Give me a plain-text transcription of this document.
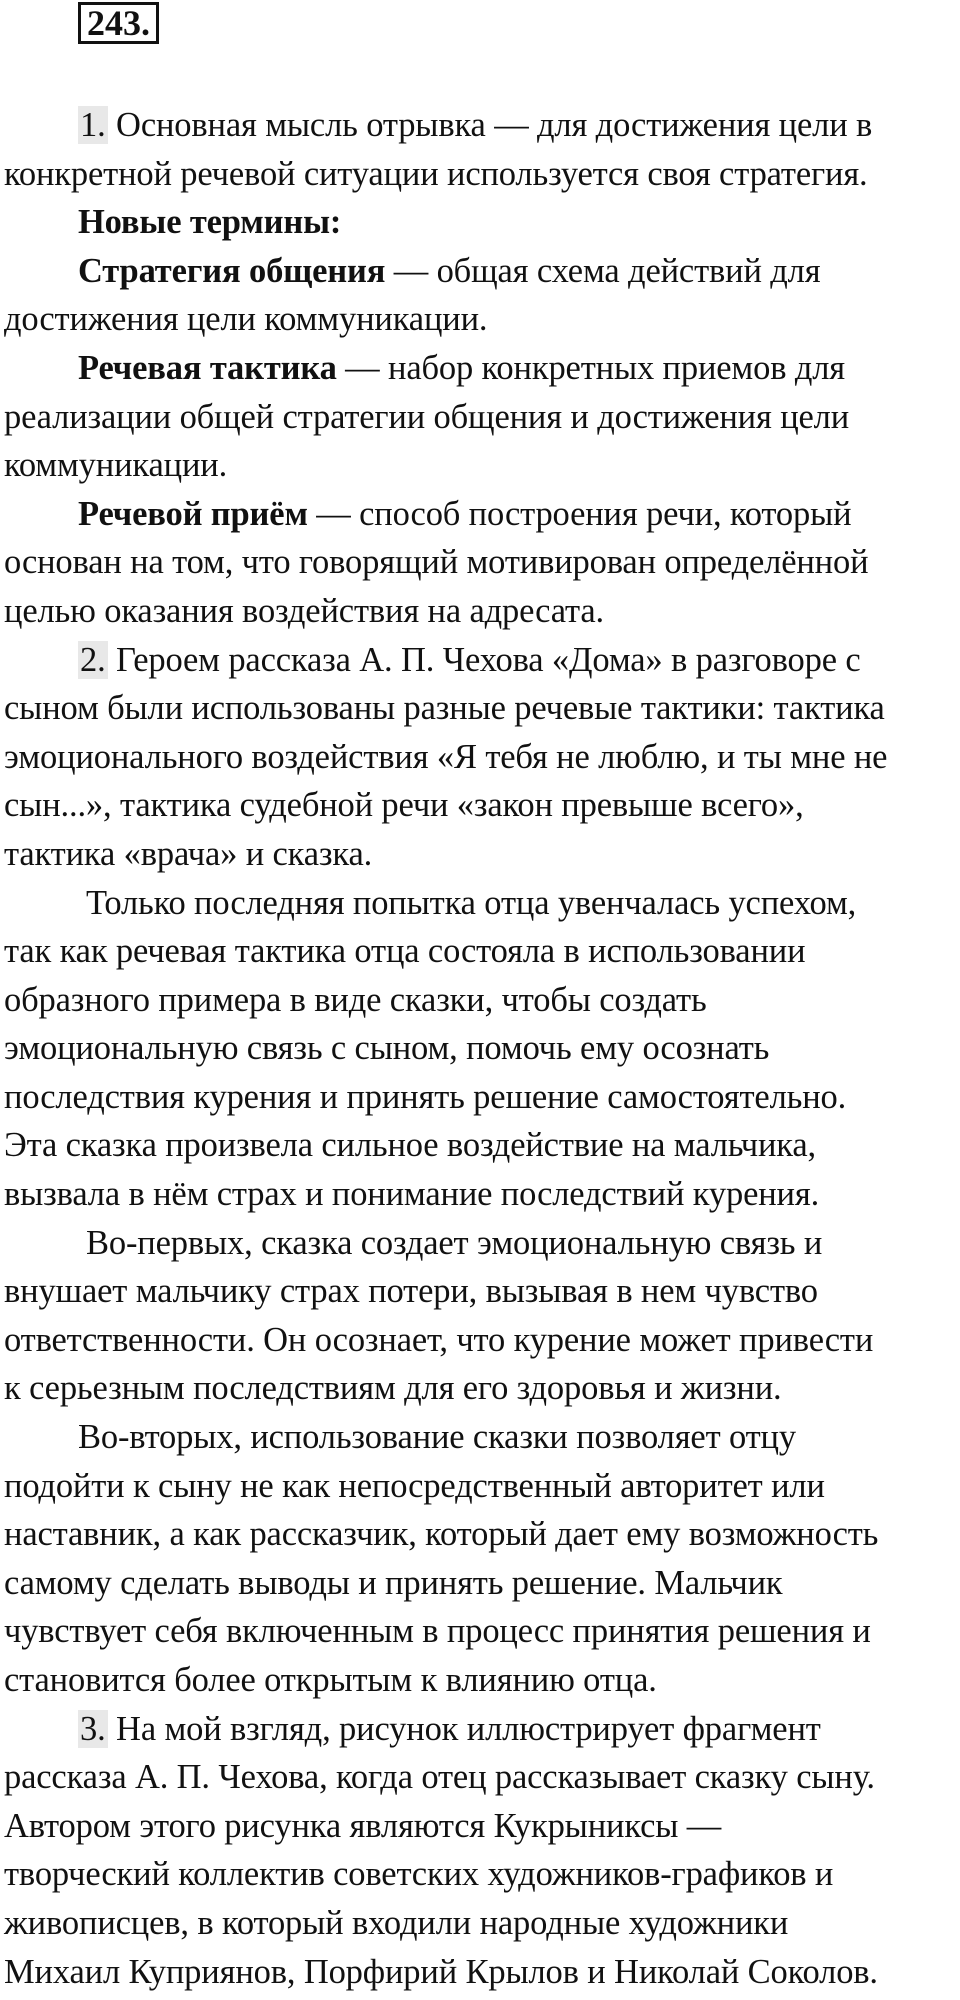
243.
1. Основная мысль отрывка — для достижения цели в
конкретной речевой ситуации используется своя стратегия.
Новые термины:
Стратегия общения — общая схема действий для
достижения цели коммуникации.
Речевая тактика — набор конкретных приемов для
реализации общей стратегии общения и достижения цели
коммуникации.
Речевой приём — способ построения речи, который
основан на том, что говорящий мотивирован определённой
целью оказания воздействия на адресата.
2. Героем рассказа А. П. Чехова «Дома» в разговоре с
сыном были использованы разные речевые тактики: тактика
эмоционального воздействия «Я тебя не люблю, и ты мне не
сын...», тактика судебной речи «закон превыше всего»,
тактика «врача» и сказка.
Только последняя попытка отца увенчалась успехом,
так как речевая тактика отца состояла в использовании
образного примера в виде сказки, чтобы создать
эмоциональную связь с сыном, помочь ему осознать
последствия курения и принять решение самостоятельно.
Эта сказка произвела сильное воздействие на мальчика,
вызвала в нём страх и понимание последствий курения.
Во-первых, сказка создает эмоциональную связь и
внушает мальчику страх потери, вызывая в нем чувство
ответственности. Он осознает, что курение может привести
к серьезным последствиям для его здоровья и жизни.
Во-вторых, использование сказки позволяет отцу
подойти к сыну не как непосредственный авторитет или
наставник, а как рассказчик, который дает ему возможность
самому сделать выводы и принять решение. Мальчик
чувствует себя включенным в процесс принятия решения и
становится более открытым к влиянию отца.
3. На мой взгляд, рисунок иллюстрирует фрагмент
рассказа А. П. Чехова, когда отец рассказывает сказку сыну.
Автором этого рисунка являются Кукрыниксы —
творческий коллектив советских художников-графиков и
живописцев, в который входили народные художники
Михаил Куприянов, Порфирий Крылов и Николай Соколов.
